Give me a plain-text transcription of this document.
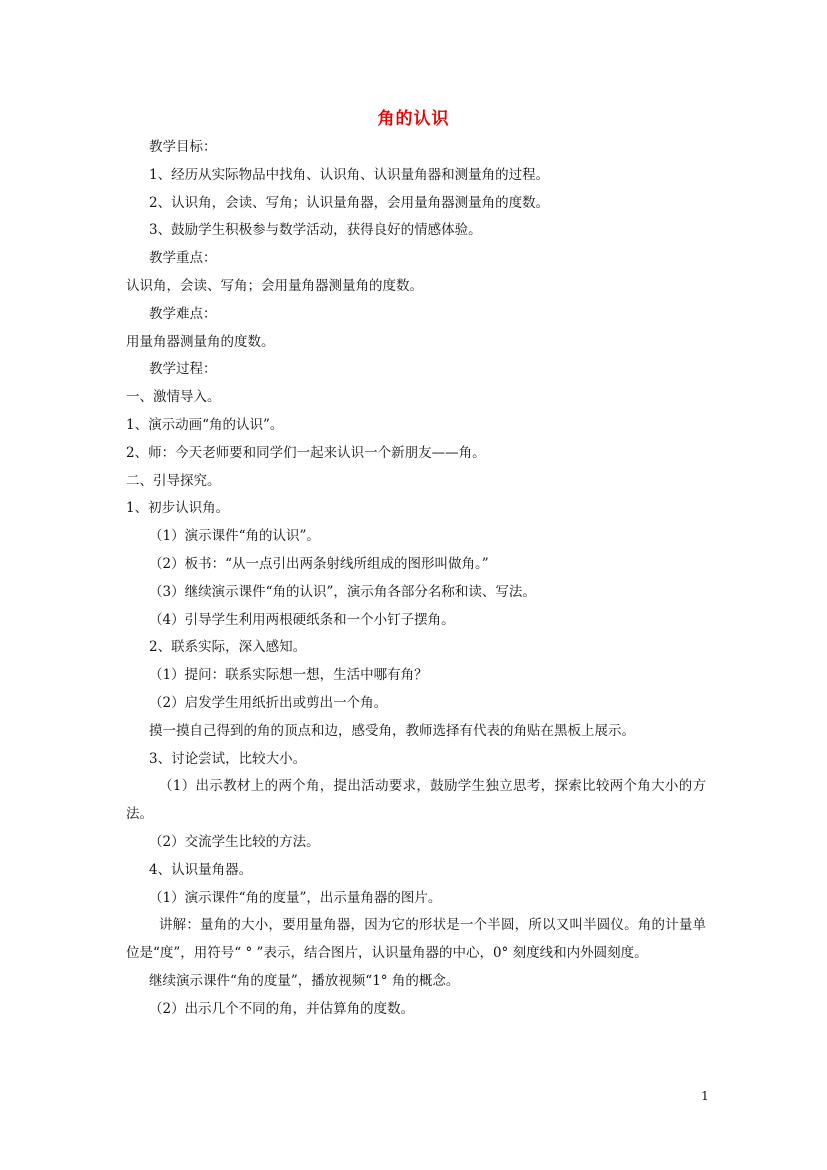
角的认识
教学目标：
1、经历从实际物品中找角、认识角、认识量角器和测量角的过程。
2、认识角，会读、写角；认识量角器，会用量角器测量角的度数。
3、鼓励学生积极参与数学活动，获得良好的情感体验。
教学重点：
认识角，会读、写角；会用量角器测量角的度数。
教学难点：
用量角器测量角的度数。
教学过程：
一、激情导入。
1、演示动画“角的认识”。
2、师：今天老师要和同学们一起来认识一个新朋友——角。
二、引导探究。
1、初步认识角。
（1）演示课件“角的认识”。
（2）板书：“从一点引出两条射线所组成的图形叫做角。”
（3）继续演示课件“角的认识”，演示角各部分名称和读、写法。
（4）引导学生利用两根硬纸条和一个小钉子摆角。
2、联系实际，深入感知。
（1）提问：联系实际想一想，生活中哪有角？
（2）启发学生用纸折出或剪出一个角。
摸一摸自己得到的角的顶点和边，感受角，教师选择有代表的角贴在黑板上展示。
3、讨论尝试，比较大小。
（1）出示教材上的两个角，提出活动要求，鼓励学生独立思考，探索比较两个角大小的方法。
（2）交流学生比较的方法。
4、认识量角器。
（1）演示课件“角的度量”，出示量角器的图片。
讲解：量角的大小，要用量角器，因为它的形状是一个半圆，所以又叫半圆仪。角的计量单位是“度”，用符号“ ° ”表示，结合图片，认识量角器的中心，0° 刻度线和内外圆刻度。
继续演示课件“角的度量”，播放视频“1° 角的概念。
（2）出示几个不同的角，并估算角的度数。
1
